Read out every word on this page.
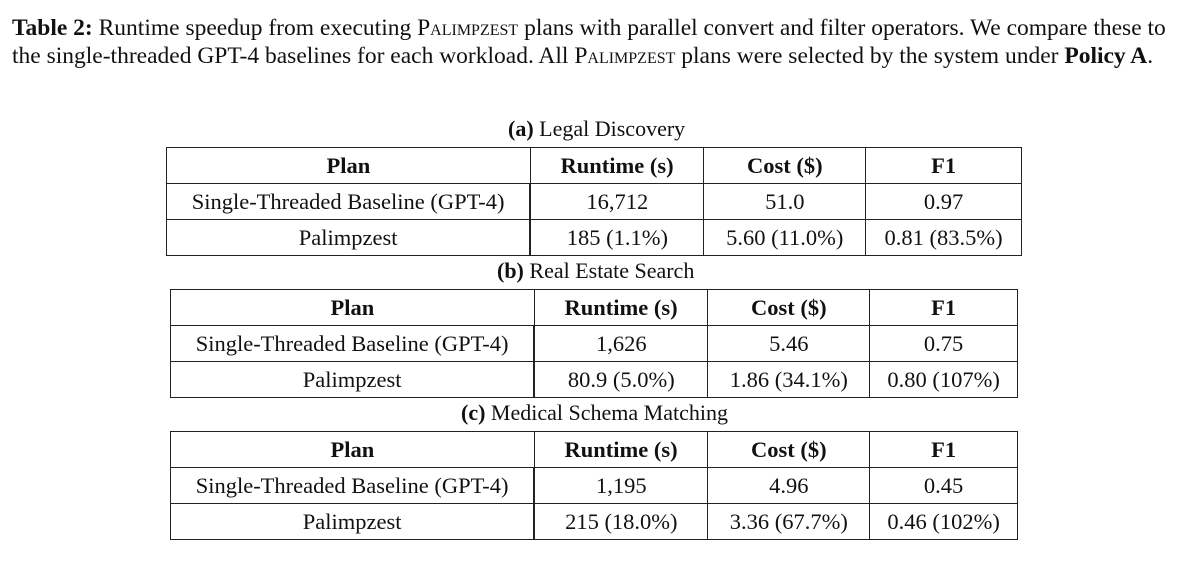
Table 2: Runtime speedup from executing Palimpzest plans with parallel convert and filter operators. We compare these to the single-threaded GPT-4 baselines for each workload. All Palimpzest plans were selected by the system under Policy A.
(a) Legal Discovery
Plan	Runtime (s)	Cost ($)	F1
Single-Threaded Baseline (GPT-4)	16,712	51.0	0.97
Palimpzest	185 (1.1%)	5.60 (11.0%)	0.81 (83.5%)
(b) Real Estate Search
Plan	Runtime (s)	Cost ($)	F1
Single-Threaded Baseline (GPT-4)	1,626	5.46	0.75
Palimpzest	80.9 (5.0%)	1.86 (34.1%)	0.80 (107%)
(c) Medical Schema Matching
Plan	Runtime (s)	Cost ($)	F1
Single-Threaded Baseline (GPT-4)	1,195	4.96	0.45
Palimpzest	215 (18.0%)	3.36 (67.7%)	0.46 (102%)
